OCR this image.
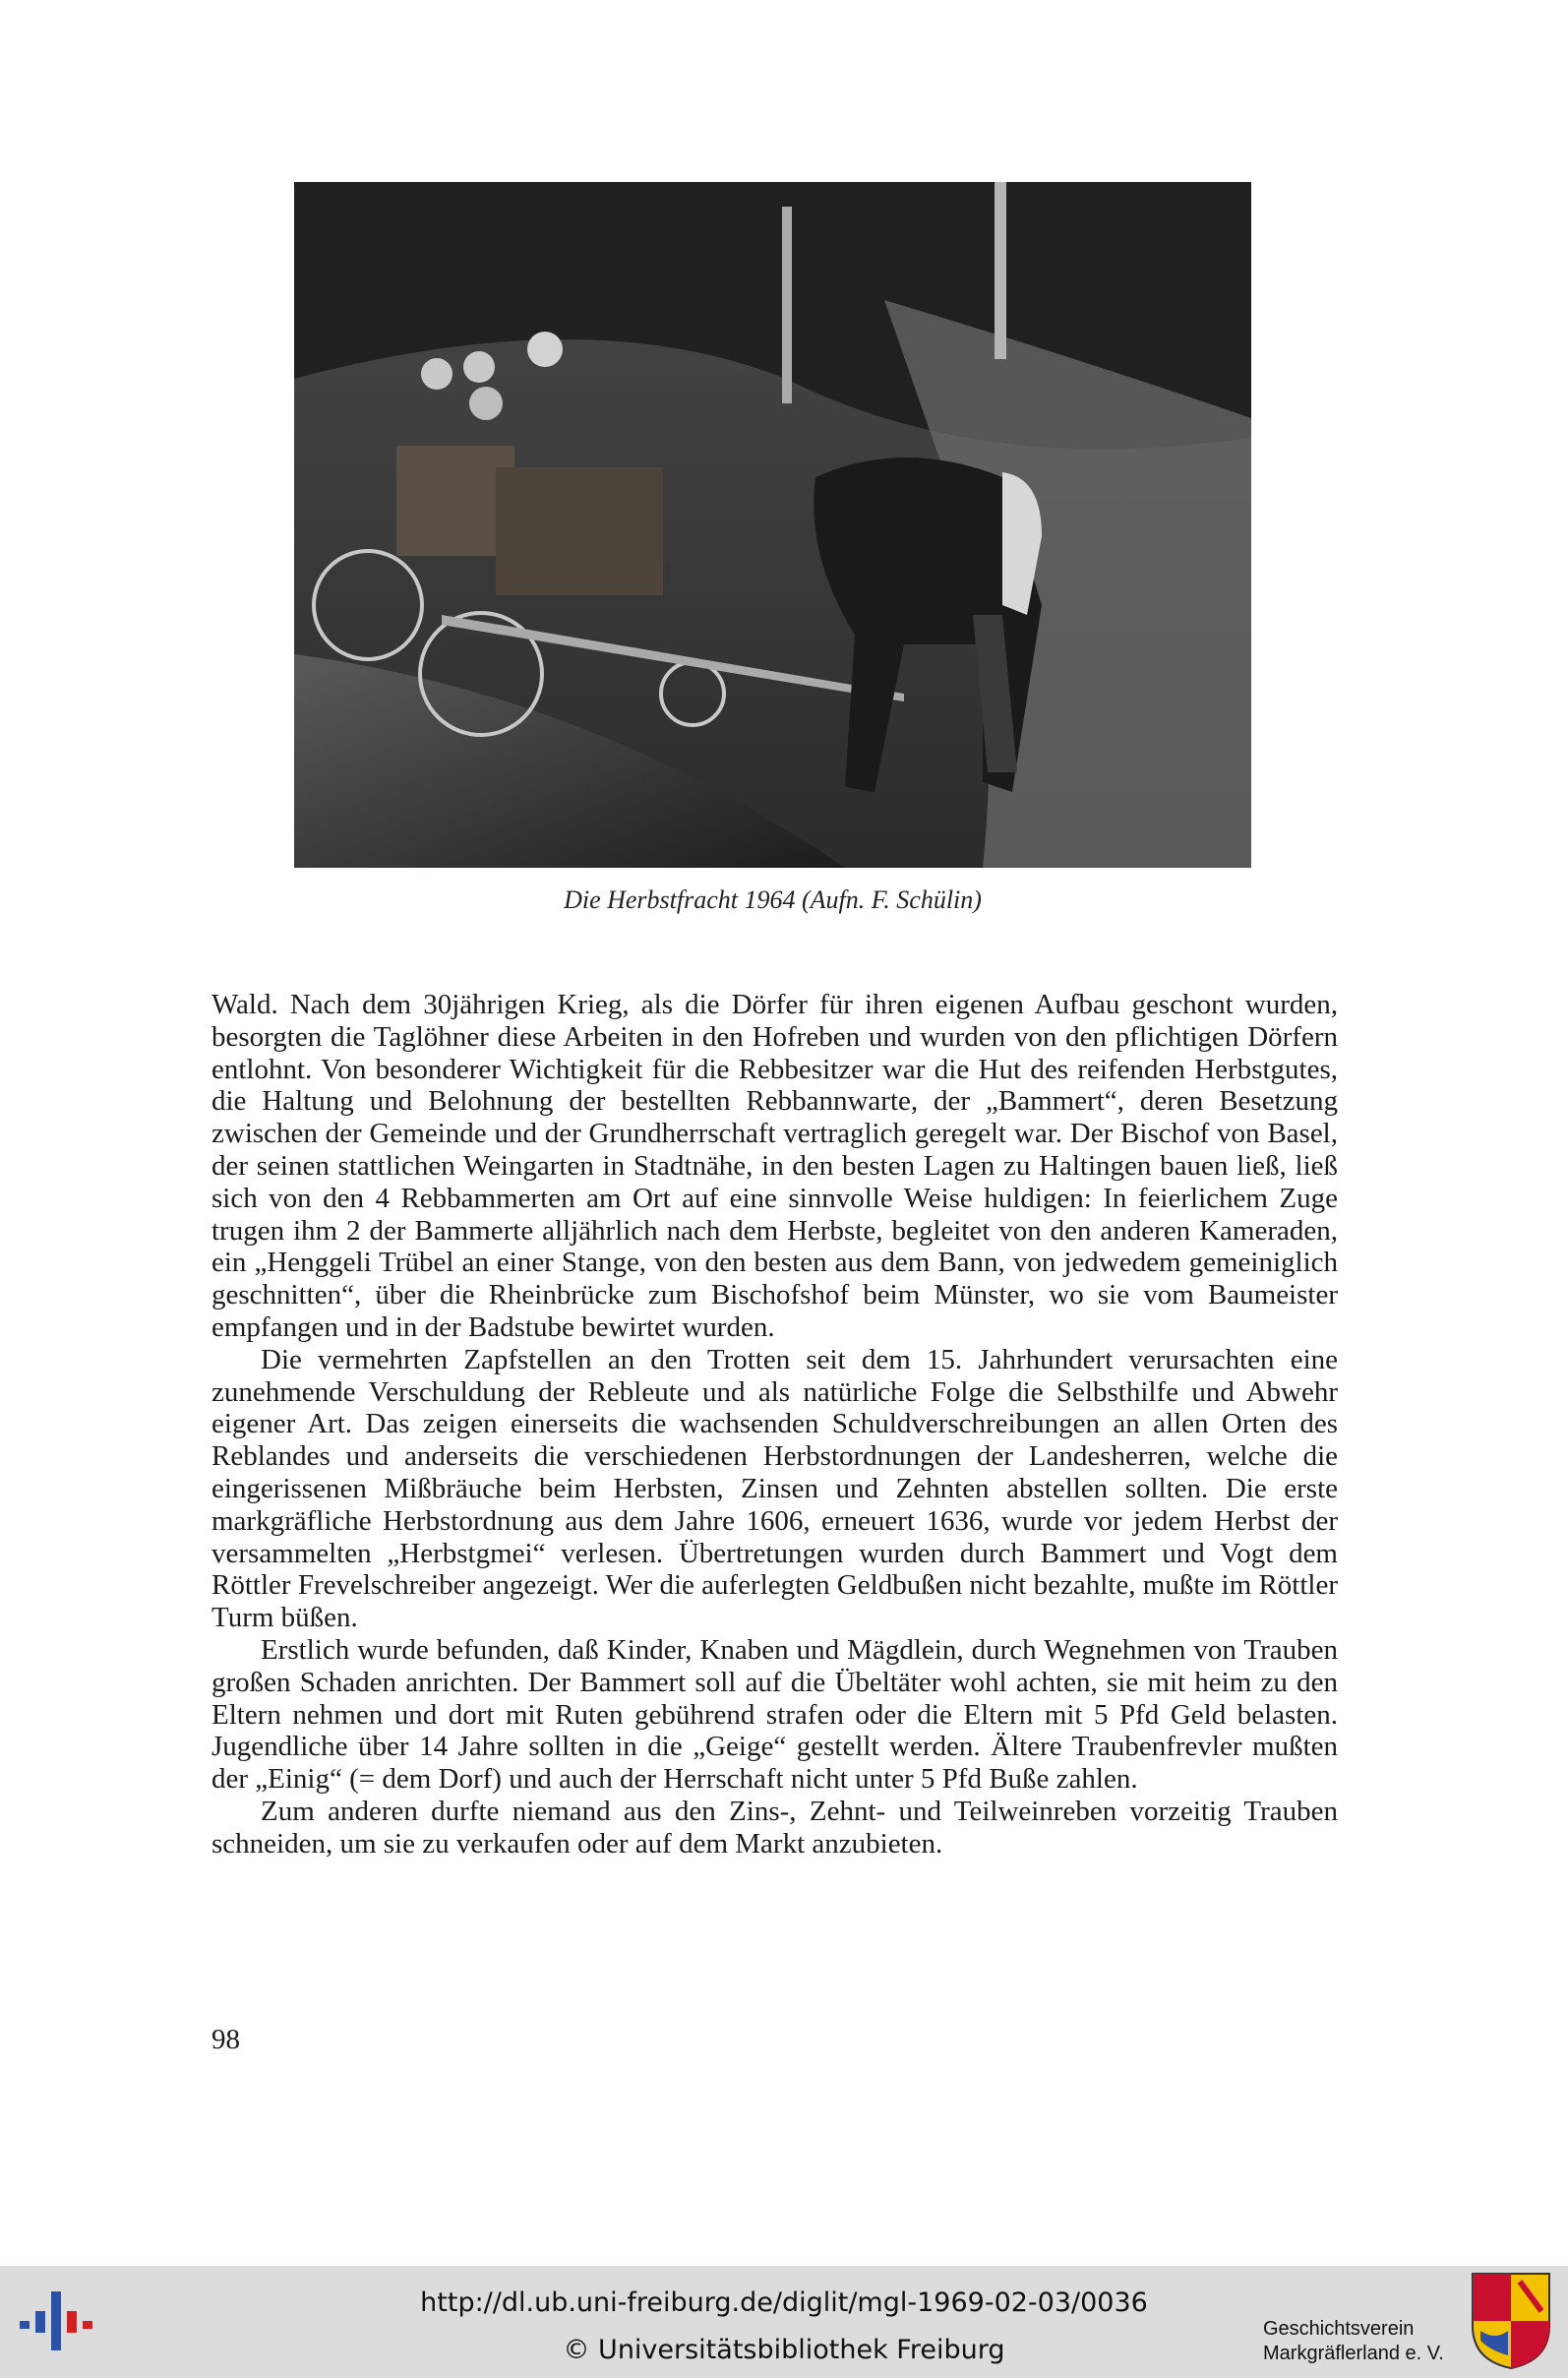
Die Herbstfracht 1964 (Aufn. F. Schülin)

Wald. Nach dem 30jährigen Krieg, als die Dörfer für ihren eigenen Aufbau geschont wurden, besorgten die Taglöhner diese Arbeiten in den Hofreben und wurden von den pflichtigen Dörfern entlohnt. Von besonderer Wichtigkeit für die Rebbesitzer war die Hut des reifenden Herbstgutes, die Haltung und Belohnung der bestellten Rebbannwarte, der „Bammert“, deren Besetzung zwischen der Gemeinde und der Grundherrschaft vertraglich geregelt war. Der Bischof von Basel, der seinen stattlichen Weingarten in Stadtnähe, in den besten Lagen zu Haltingen bauen ließ, ließ sich von den 4 Rebbammerten am Ort auf eine sinnvolle Weise huldigen: In feierlichem Zuge trugen ihm 2 der Bammerte alljährlich nach dem Herbste, begleitet von den anderen Kameraden, ein „Henggeli Trübel an einer Stange, von den besten aus dem Bann, von jedwedem gemeiniglich geschnitten“, über die Rheinbrücke zum Bischofshof beim Münster, wo sie vom Baumeister empfangen und in der Badstube bewirtet wurden.

Die vermehrten Zapfstellen an den Trotten seit dem 15. Jahrhundert verursachten eine zunehmende Verschuldung der Rebleute und als natürliche Folge die Selbsthilfe und Abwehr eigener Art. Das zeigen einerseits die wachsenden Schuldverschreibungen an allen Orten des Reblandes und anderseits die verschiedenen Herbstordnungen der Landesherren, welche die eingerissenen Mißbräuche beim Herbsten, Zinsen und Zehnten abstellen sollten. Die erste markgräfliche Herbstordnung aus dem Jahre 1606, erneuert 1636, wurde vor jedem Herbst der versammelten „Herbstgmei“ verlesen. Übertretungen wurden durch Bammert und Vogt dem Röttler Frevelschreiber angezeigt. Wer die auferlegten Geldbußen nicht bezahlte, mußte im Röttler Turm büßen.

Erstlich wurde befunden, daß Kinder, Knaben und Mägdlein, durch Wegnehmen von Trauben großen Schaden anrichten. Der Bammert soll auf die Übeltäter wohl achten, sie mit heim zu den Eltern nehmen und dort mit Ruten gebührend strafen oder die Eltern mit 5 Pfd Geld belasten. Jugendliche über 14 Jahre sollten in die „Geige“ gestellt werden. Ältere Traubenfrevler mußten der „Einig“ (= dem Dorf) und auch der Herrschaft nicht unter 5 Pfd Buße zahlen.

Zum anderen durfte niemand aus den Zins-, Zehnt- und Teilweinreben vorzeitig Trauben schneiden, um sie zu verkaufen oder auf dem Markt anzubieten.

98
http://dl.ub.uni-freiburg.de/diglit/mgl-1969-02-03/0036
© Universitätsbibliothek Freiburg
Geschichtsverein
Markgräflerland e. V.
